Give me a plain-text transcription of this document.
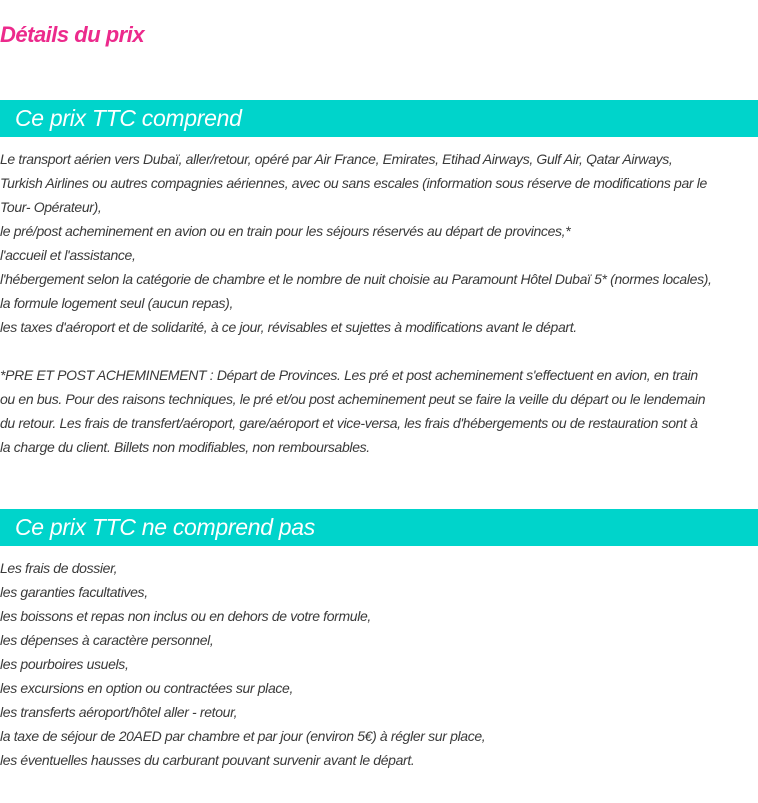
Détails du prix
Ce prix TTC comprend
Le transport aérien vers Dubaï, aller/retour, opéré par Air France, Emirates, Etihad Airways, Gulf Air, Qatar Airways,
Turkish Airlines ou autres compagnies aériennes, avec ou sans escales (information sous réserve de modifications par le
Tour- Opérateur),
le pré/post acheminement en avion ou en train pour les séjours réservés au départ de provinces,*
l'accueil et l'assistance,
l'hébergement selon la catégorie de chambre et le nombre de nuit choisie au Paramount Hôtel Dubaï 5* (normes locales),
la formule logement seul (aucun repas),
les taxes d'aéroport et de solidarité, à ce jour, révisables et sujettes à modifications avant le départ.
*PRE ET POST ACHEMINEMENT : Départ de Provinces. Les pré et post acheminement s'effectuent en avion, en train
ou en bus. Pour des raisons techniques, le pré et/ou post acheminement peut se faire la veille du départ ou le lendemain
du retour. Les frais de transfert/aéroport, gare/aéroport et vice-versa, les frais d'hébergements ou de restauration sont à
la charge du client. Billets non modifiables, non remboursables.
Ce prix TTC ne comprend pas
Les frais de dossier,
les garanties facultatives,
les boissons et repas non inclus ou en dehors de votre formule,
les dépenses à caractère personnel,
les pourboires usuels,
les excursions en option ou contractées sur place,
les transferts aéroport/hôtel aller - retour,
la taxe de séjour de 20AED par chambre et par jour (environ 5€) à régler sur place,
les éventuelles hausses du carburant pouvant survenir avant le départ.
